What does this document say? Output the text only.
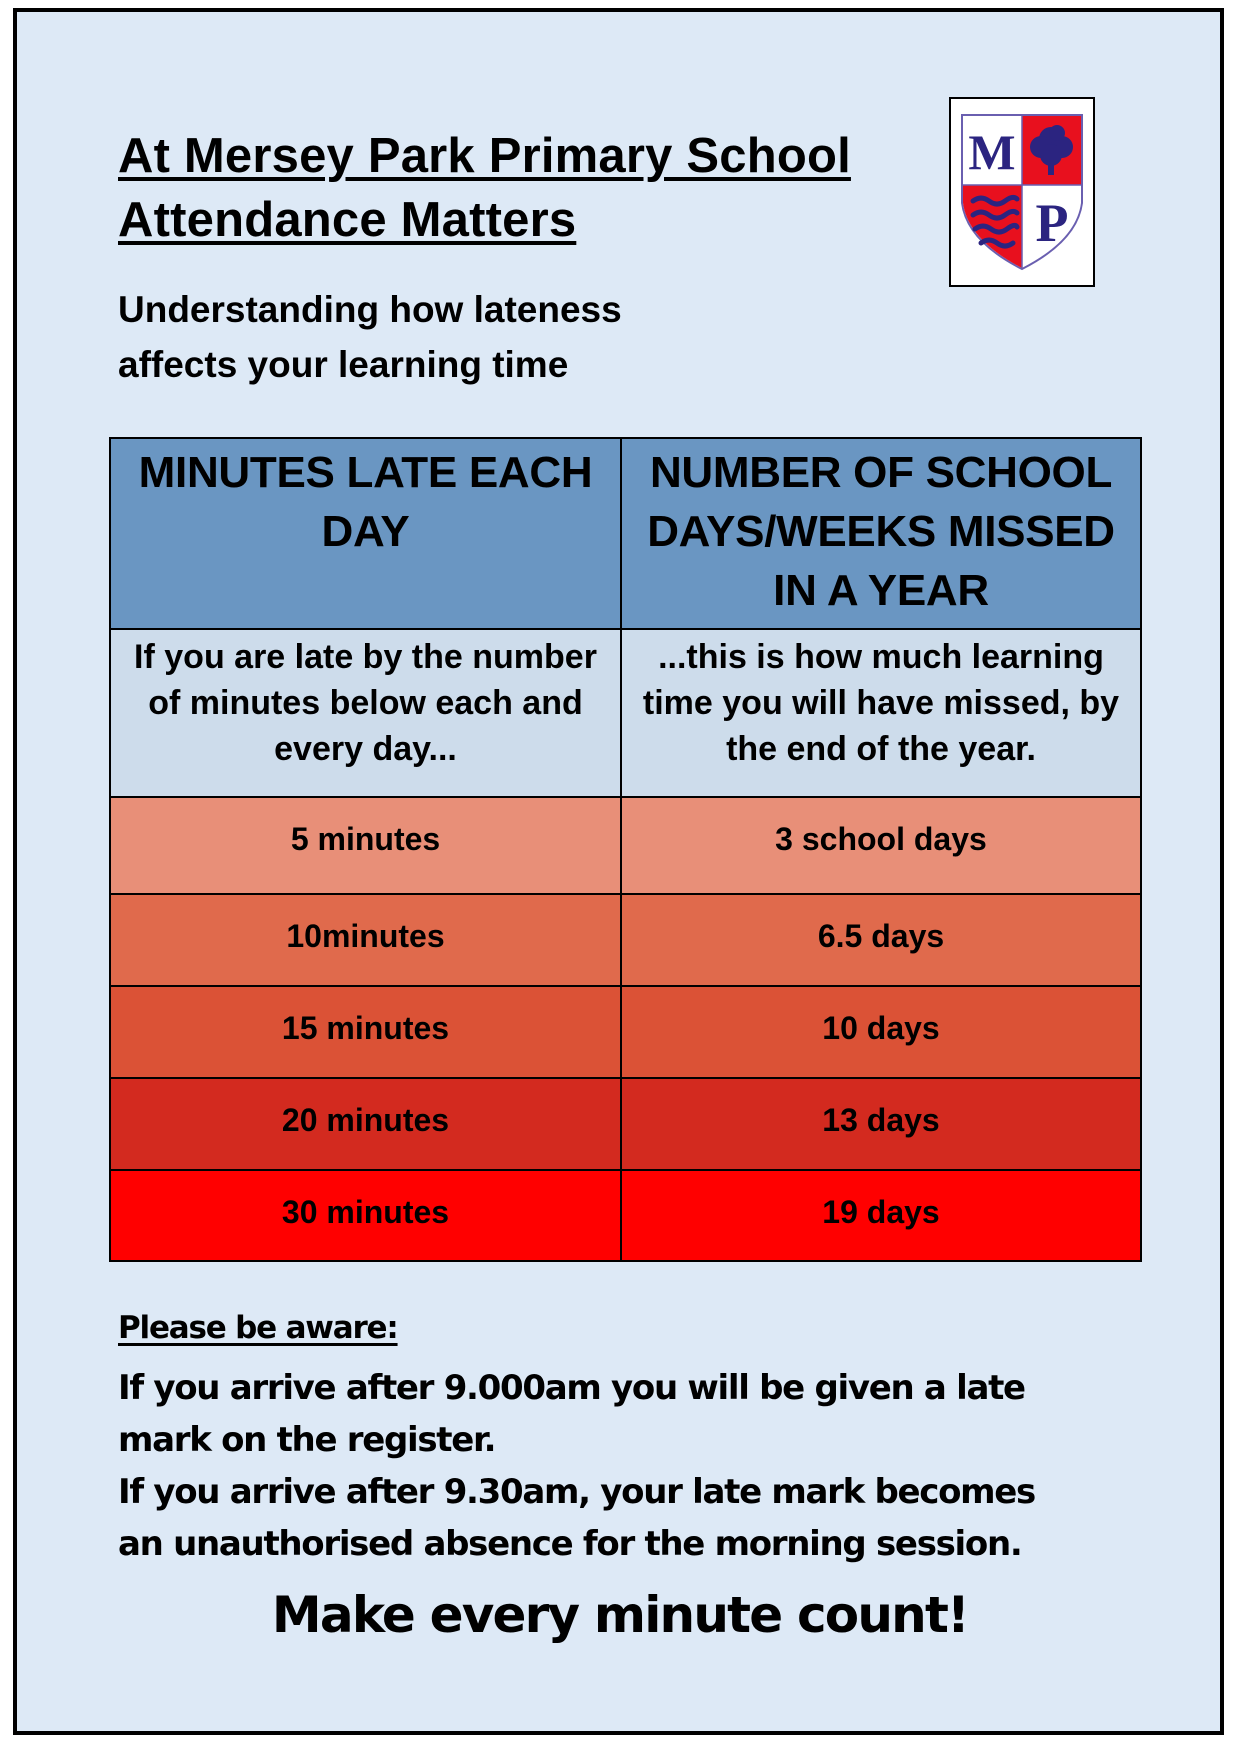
At Mersey Park Primary School
Attendance Matters

Understanding how lateness
affects your learning time

M
P
MINUTES LATE EACH DAY	NUMBER OF SCHOOL DAYS/WEEKS MISSED IN A YEAR
If you are late by the number of minutes below each and every day...	...this is how much learning time you will have missed, by the end of the year.
5 minutes	3 school days
10minutes	6.5 days
15 minutes	10 days
20 minutes	13 days
30 minutes	19 days
Please be aware:

If you arrive after 9.000am you will be given a late
mark on the register.
If you arrive after 9.30am, your late mark becomes
an unauthorised absence for the morning session.

Make every minute count!
